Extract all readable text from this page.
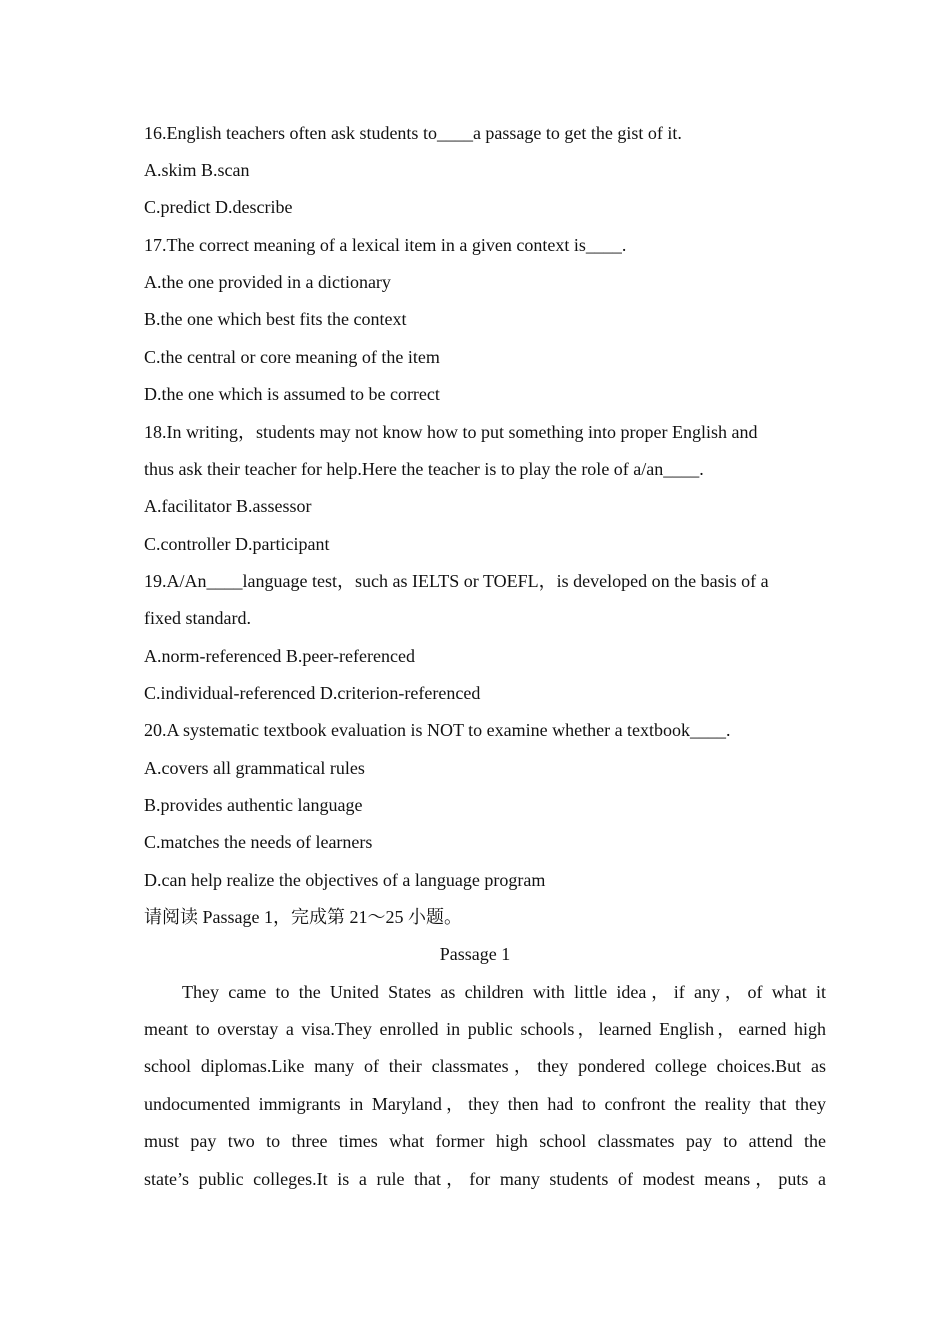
16.English teachers often ask students to____a passage to get the gist of it.
A.skim B.scan
C.predict D.describe
17.The correct meaning of a lexical item in a given context is____.
A.the one provided in a dictionary
B.the one which best fits the context
C.the central or core meaning of the item
D.the one which is assumed to be correct
18.In writing，students may not know how to put something into proper English and
thus ask their teacher for help.Here the teacher is to play the role of a/an____.
A.facilitator B.assessor
C.controller D.participant
19.A/An____language test，such as IELTS or TOEFL，is developed on the basis of a
fixed standard.
A.norm-referenced B.peer-referenced
C.individual-referenced D.criterion-referenced
20.A systematic textbook evaluation is NOT to examine whether a textbook____.
A.covers all grammatical rules
B.provides authentic language
C.matches the needs of learners
D.can help realize the objectives of a language program
请阅读 Passage 1，完成第 21～25 小题。
Passage 1
They came to the United States as children with little idea，if any，of what it
meant to overstay a visa.They enrolled in public schools，learned English，earned high
school diplomas.Like many of their classmates，they pondered college choices.But as
undocumented immigrants in Maryland，they then had to confront the reality that they
must pay two to three times what former high school classmates pay to attend the
state’s public colleges.It is a rule that，for many students of modest means，puts a
